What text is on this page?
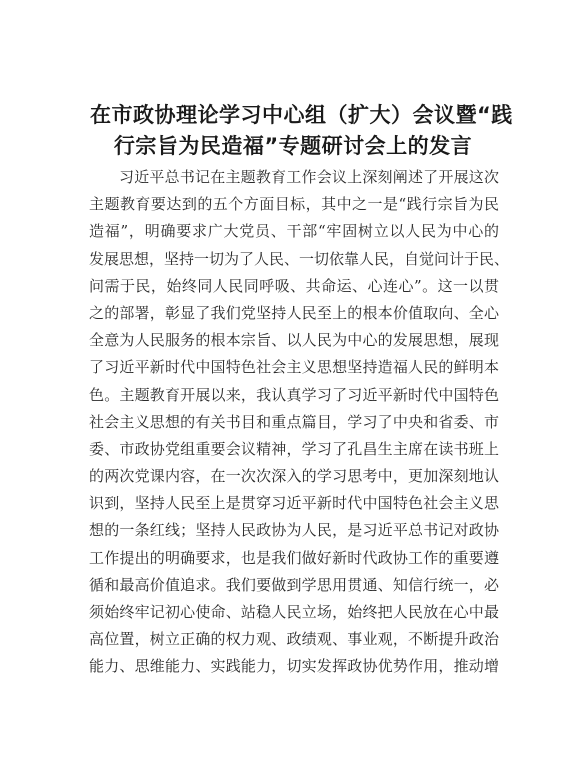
在市政协理论学习中心组（扩大）会议暨“践
行宗旨为民造福”专题研讨会上的发言
习近平总书记在主题教育工作会议上深刻阐述了开展这次
主题教育要达到的五个方面目标，其中之一是“践行宗旨为民
造福”，明确要求广大党员、干部“牢固树立以人民为中心的
发展思想，坚持一切为了人民、一切依靠人民，自觉问计于民、
问需于民，始终同人民同呼吸、共命运、心连心”。这一以贯
之的部署，彰显了我们党坚持人民至上的根本价值取向、全心
全意为人民服务的根本宗旨、以人民为中心的发展思想，展现
了习近平新时代中国特色社会主义思想坚持造福人民的鲜明本
色。主题教育开展以来，我认真学习了习近平新时代中国特色
社会主义思想的有关书目和重点篇目，学习了中央和省委、市
委、市政协党组重要会议精神，学习了孔昌生主席在读书班上
的两次党课内容，在一次次深入的学习思考中，更加深刻地认
识到，坚持人民至上是贯穿习近平新时代中国特色社会主义思
想的一条红线；坚持人民政协为人民，是习近平总书记对政协
工作提出的明确要求，也是我们做好新时代政协工作的重要遵
循和最高价值追求。我们要做到学思用贯通、知信行统一，必
须始终牢记初心使命、站稳人民立场，始终把人民放在心中最
高位置，树立正确的权力观、政绩观、事业观，不断提升政治
能力、思维能力、实践能力，切实发挥政协优势作用，推动增
